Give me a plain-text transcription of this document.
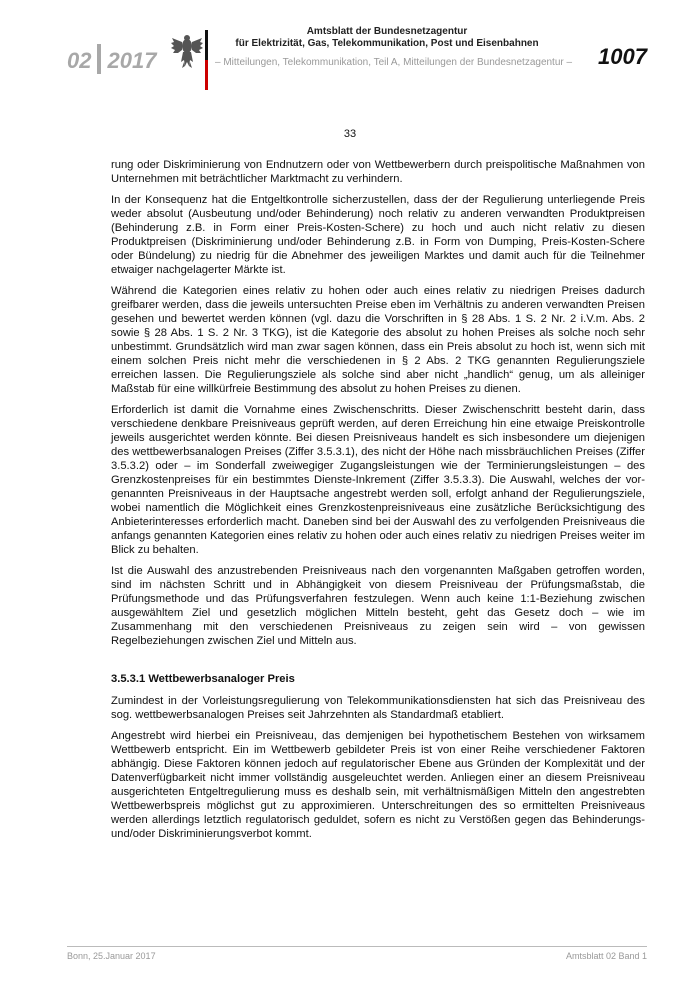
02 2017
Amtsblatt der Bundesnetzagentur
für Elektrizität, Gas, Telekommunikation, Post und Eisenbahnen
– Mitteilungen, Telekommunikation, Teil A, Mitteilungen der Bundesnetzagentur – 1007
33

rung oder Diskriminierung von Endnutzern oder von Wettbewerbern durch preispolitische Maßnahmen von Unternehmen mit beträchtlicher Marktmacht zu verhindern.

In der Konsequenz hat die Entgeltkontrolle sicherzustellen, dass der der Regulierung unterliegende Preis weder absolut (Ausbeutung und/oder Behinderung) noch relativ zu anderen verwandten Produktpreisen (Behinderung z.B. in Form einer Preis-Kosten-Schere) zu hoch und auch nicht relativ zu diesen Produktpreisen (Diskriminierung und/oder Behinderung z.B. in Form von Dumping, Preis-Kosten-Schere oder Bündelung) zu niedrig für die Abnehmer des jeweiligen Marktes und damit auch für die Teilnehmer etwaiger nachgelagerter Märkte ist.

Während die Kategorien eines relativ zu hohen oder auch eines relativ zu niedrigen Preises dadurch greifbarer werden, dass die jeweils untersuchten Preise eben im Verhältnis zu anderen verwandten Preisen gesehen und bewertet werden können (vgl. dazu die Vorschriften in § 28 Abs. 1 S. 2 Nr. 2 i.V.m. Abs. 2 sowie § 28 Abs. 1 S. 2 Nr. 3 TKG), ist die Kategorie des absolut zu hohen Preises als solche noch sehr unbestimmt. Grundsätzlich wird man zwar sagen können, dass ein Preis absolut zu hoch ist, wenn sich mit einem solchen Preis nicht mehr die verschiedenen in § 2 Abs. 2 TKG genannten Regulierungsziele erreichen lassen. Die Regulierungsziele als solche sind aber nicht „handlich“ genug, um als alleiniger Maßstab für eine willkürfreie Bestimmung des absolut zu hohen Preises zu dienen.

Erforderlich ist damit die Vornahme eines Zwischenschritts. Dieser Zwischenschritt besteht darin, dass verschiedene denkbare Preisniveaus geprüft werden, auf deren Erreichung hin eine etwaige Preiskontrolle jeweils ausgerichtet werden könnte. Bei diesen Preisniveaus handelt es sich insbesondere um diejenigen des wettbewerbsanalogen Preises (Ziffer 3.5.3.1), des nicht der Höhe nach missbräuchlichen Preises (Ziffer 3.5.3.2) oder – im Sonderfall zweiwegiger Zugangsleistungen wie der Terminierungsleistungen – des Grenzkostenpreises für ein bestimmtes Dienste-Inkrement (Ziffer 3.5.3.3). Die Auswahl, welches der vorgenannten Preisniveaus in der Hauptsache angestrebt werden soll, erfolgt anhand der Regulierungsziele, wobei namentlich die Möglichkeit eines Grenzkostenpreisniveaus eine zusätzliche Berücksichtigung des Anbieterinteresses erforderlich macht. Daneben sind bei der Auswahl des zu verfolgenden Preisniveaus die anfangs genannten Kategorien eines relativ zu hohen oder auch eines relativ zu niedrigen Preises weiter im Blick zu behalten.

Ist die Auswahl des anzustrebenden Preisniveaus nach den vorgenannten Maßgaben getroffen worden, sind im nächsten Schritt und in Abhängigkeit von diesem Preisniveau der Prüfungsmaßstab, die Prüfungsmethode und das Prüfungsverfahren festzulegen. Wenn auch keine 1:1-Beziehung zwischen ausgewähltem Ziel und gesetzlich möglichen Mitteln besteht, geht das Gesetz doch – wie im Zusammenhang mit den verschiedenen Preisniveaus zu zeigen sein wird – von gewissen Regelbeziehungen zwischen Ziel und Mitteln aus.

3.5.3.1 Wettbewerbsanaloger Preis

Zumindest in der Vorleistungsregulierung von Telekommunikationsdiensten hat sich das Preisniveau des sog. wettbewerbsanalogen Preises seit Jahrzehnten als Standardmaß etabliert.

Angestrebt wird hierbei ein Preisniveau, das demjenigen bei hypothetischem Bestehen von wirksamem Wettbewerb entspricht. Ein im Wettbewerb gebildeter Preis ist von einer Reihe verschiedener Faktoren abhängig. Diese Faktoren können jedoch auf regulatorischer Ebene aus Gründen der Komplexität und der Datenverfügbarkeit nicht immer vollständig ausgeleuchtet werden. Anliegen einer an diesem Preisniveau ausgerichteten Entgeltregulierung muss es deshalb sein, mit verhältnismäßigen Mitteln den angestrebten Wettbewerbspreis möglichst gut zu approximieren. Unterschreitungen des so ermittelten Preisniveaus werden allerdings letztlich regulatorisch geduldet, sofern es nicht zu Verstößen gegen das Behinderungs- und/oder Diskriminierungsverbot kommt.

Bonn, 25.Januar 2017	Amtsblatt 02 Band 1
